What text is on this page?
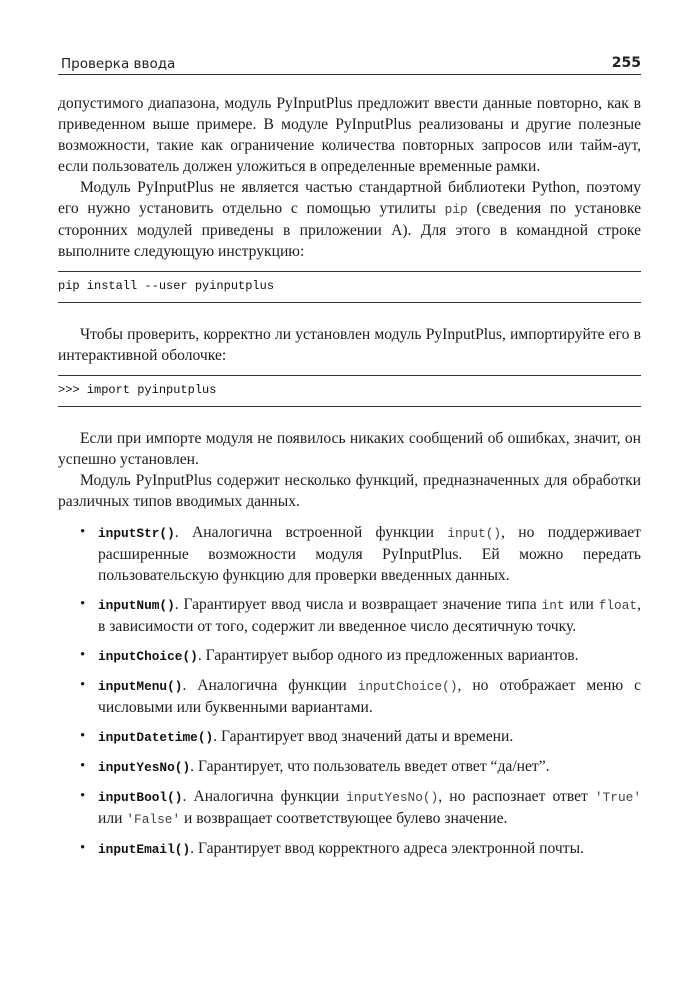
Проверка ввода	255

допустимого диапазона, модуль PyInputPlus предложит ввести данные повторно, как в приведенном выше примере. В модуле PyInputPlus реализованы и другие полезные возможности, такие как ограничение количества повторных запросов или тайм-аут, если пользователь должен уложиться в определенные временные рамки.

Модуль PyInputPlus не является частью стандартной библиотеки Python, поэтому его нужно установить отдельно с помощью утилиты pip (сведения по установке сторонних модулей приведены в приложении А). Для этого в командной строке выполните следующую инструкцию:

pip install --user pyinputplus

Чтобы проверить, корректно ли установлен модуль PyInputPlus, импортируйте его в интерактивной оболочке:

>>> import pyinputplus

Если при импорте модуля не появилось никаких сообщений об ошибках, значит, он успешно установлен.

Модуль PyInputPlus содержит несколько функций, предназначенных для обработки различных типов вводимых данных.

• inputStr(). Аналогична встроенной функции input(), но поддерживает расширенные возможности модуля PyInputPlus. Ей можно передать пользовательскую функцию для проверки введенных данных.
• inputNum(). Гарантирует ввод числа и возвращает значение типа int или float, в зависимости от того, содержит ли введенное число десятичную точку.
• inputChoice(). Гарантирует выбор одного из предложенных вариантов.
• inputMenu(). Аналогична функции inputChoice(), но отображает меню с числовыми или буквенными вариантами.
• inputDatetime(). Гарантирует ввод значений даты и времени.
• inputYesNo(). Гарантирует, что пользователь введет ответ “да/нет”.
• inputBool(). Аналогична функции inputYesNo(), но распознает ответ 'True' или 'False' и возвращает соответствующее булево значение.
• inputEmail(). Гарантирует ввод корректного адреса электронной почты.
